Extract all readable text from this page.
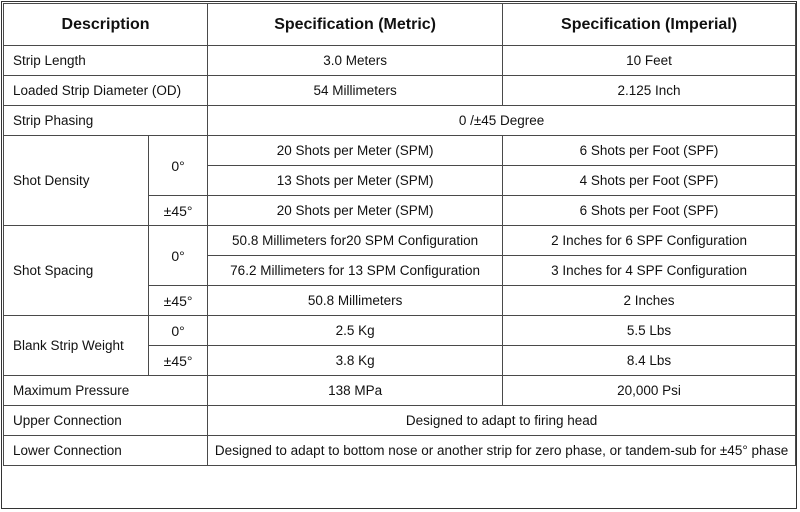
Description		Specification (Metric)	Specification (Imperial)
Strip Length		3.0 Meters	10 Feet
Loaded Strip Diameter (OD)		54 Millimeters	2.125 Inch
Strip Phasing		0 /±45 Degree	
Shot Density	0°	20 Shots per Meter (SPM)	6 Shots per Foot (SPF)
		13 Shots per Meter (SPM)	4 Shots per Foot (SPF)
	±45°	20 Shots per Meter (SPM)	6 Shots per Foot (SPF)
Shot Spacing	0°	50.8 Millimeters for20 SPM Configuration	2 Inches for 6 SPF Configuration
		76.2 Millimeters for 13 SPM Configuration	3 Inches for 4 SPF Configuration
	±45°	50.8 Millimeters	2 Inches
Blank Strip Weight	0°	2.5 Kg	5.5 Lbs
	±45°	3.8 Kg	8.4 Lbs
Maximum Pressure		138 MPa	20,000 Psi
Upper Connection		Designed to adapt to firing head	
Lower Connection		Designed to adapt to bottom nose or another strip for zero phase, or tandem-sub for ±45° phase	
